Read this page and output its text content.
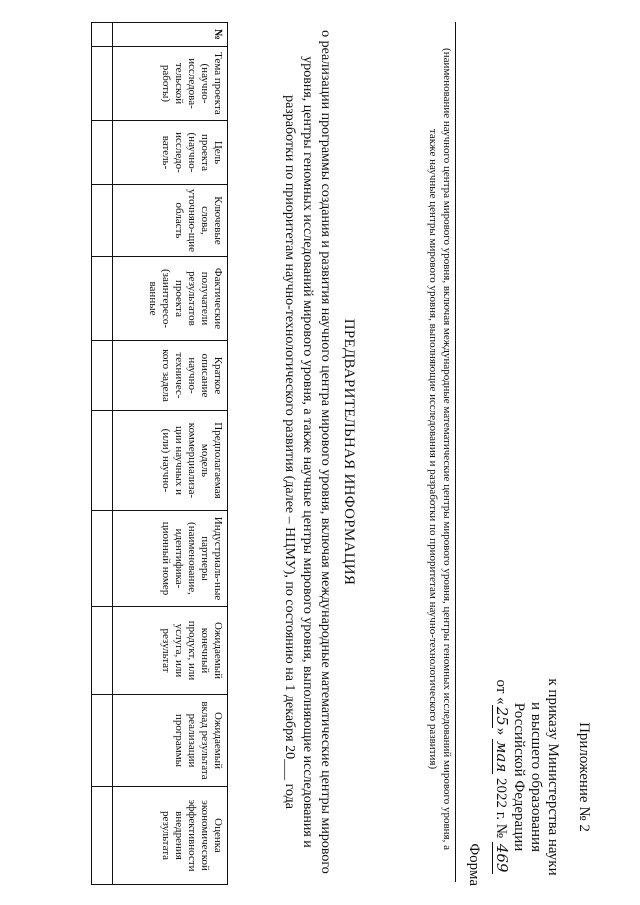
Приложение № 2
к приказу Министерства науки
и высшего образования
Российской Федерации
от «25» мая 2022 г. № 469
Форма
(наименование научного центра мирового уровня, включая международные математические центры мирового уровня, центры геномных исследований мирового уровня, а также научные центры мирового уровня, выполняющие исследования и разработки по приоритетам научно-технологического развития)
ПРЕДВАРИТЕЛЬНАЯ ИНФОРМАЦИЯ
о реализации программы создания и развития научного центра мирового уровня, включая международные математические центры мирового уровня, центры геномных исследований мирового уровня, а также научные центры мирового уровня, выполняющие исследования и разработки по приоритетам научно-технологического развития (далее – НЦМУ), по состоянию на 1 декабря 20___ года
№	Тема проекта (научно-исследова-тельской работы)	Цель проекта (научно-исследо-ватель-	Ключевые слова, уточняю-щие область	Фактические получатели результатов проекта (заинтересо-ванные	Краткое описание научно-техничес-кого задела	Предполагаемая модель коммерциализа-ции научных и (или) научно-	Индустриаль-ные партнеры (наименование, идентифика-ционный номер	Ожидаемый конечный продукт, или услуга, или результат	Ожидаемый вклад результата реализации программы	Оценка экономической эффективности внедрения результата
